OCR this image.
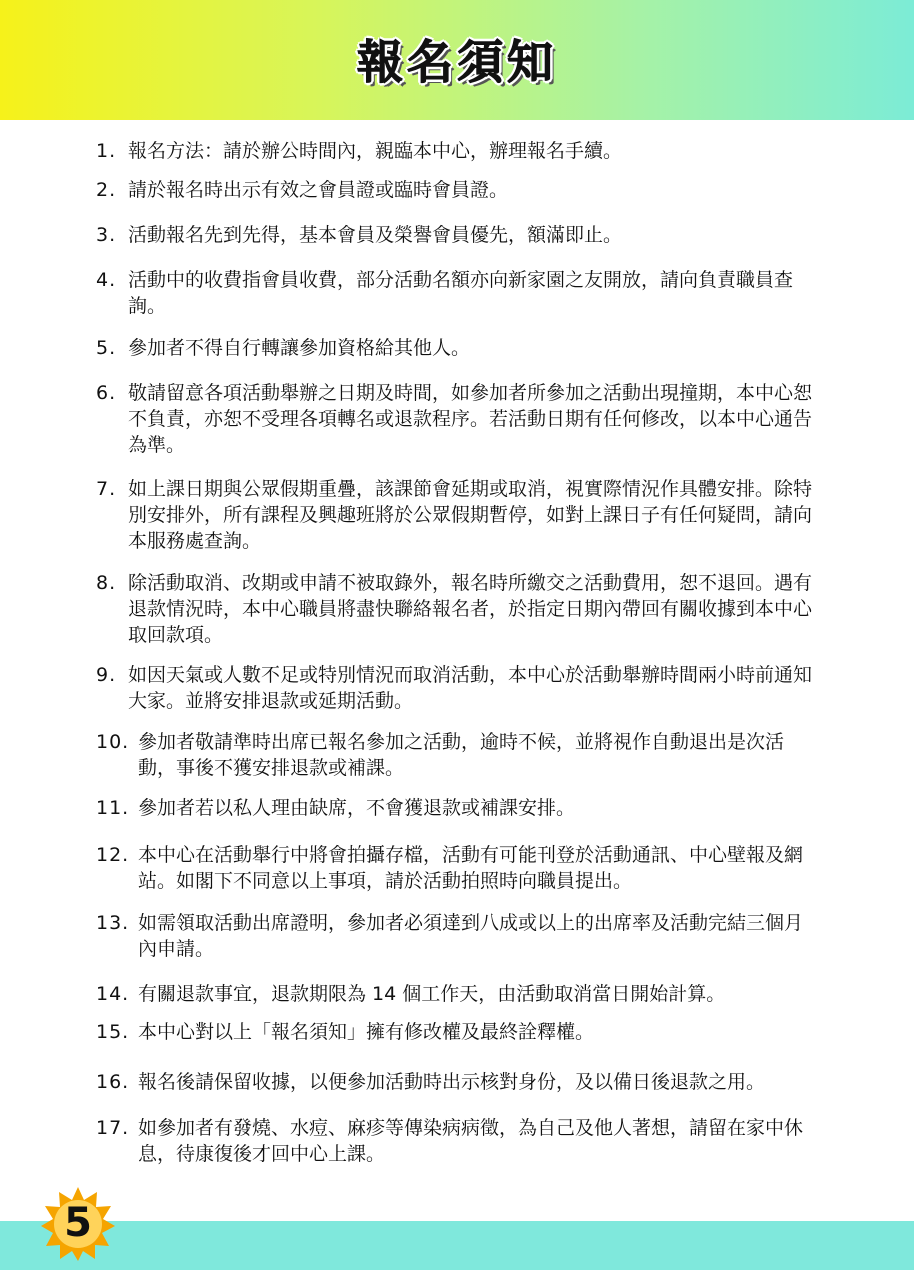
報名須知
1. 報名方法：請於辦公時間內，親臨本中心，辦理報名手續。
2. 請於報名時出示有效之會員證或臨時會員證。
3. 活動報名先到先得，基本會員及榮譽會員優先，額滿即止。
4. 活動中的收費指會員收費，部分活動名額亦向新家園之友開放，請向負責職員查詢。
5. 參加者不得自行轉讓參加資格給其他人。
6. 敬請留意各項活動舉辦之日期及時間，如參加者所參加之活動出現撞期，本中心恕不負責，亦恕不受理各項轉名或退款程序。若活動日期有任何修改，以本中心通告為準。
7. 如上課日期與公眾假期重疊，該課節會延期或取消，視實際情況作具體安排。除特別安排外，所有課程及興趣班將於公眾假期暫停，如對上課日子有任何疑問，請向本服務處查詢。
8. 除活動取消、改期或申請不被取錄外，報名時所繳交之活動費用，恕不退回。遇有退款情況時，本中心職員將盡快聯絡報名者，於指定日期內帶回有關收據到本中心取回款項。
9. 如因天氣或人數不足或特別情況而取消活動，本中心於活動舉辦時間兩小時前通知大家。並將安排退款或延期活動。
10. 參加者敬請準時出席已報名參加之活動，逾時不候，並將視作自動退出是次活動，事後不獲安排退款或補課。
11. 參加者若以私人理由缺席，不會獲退款或補課安排。
12. 本中心在活動舉行中將會拍攝存檔，活動有可能刊登於活動通訊、中心壁報及網站。如閣下不同意以上事項，請於活動拍照時向職員提出。
13. 如需領取活動出席證明，參加者必須達到八成或以上的出席率及活動完結三個月內申請。
14. 有關退款事宜，退款期限為 14 個工作天，由活動取消當日開始計算。
15. 本中心對以上「報名須知」擁有修改權及最終詮釋權。
16. 報名後請保留收據，以便參加活動時出示核對身份，及以備日後退款之用。
17. 如參加者有發燒、水痘、麻疹等傳染病病徵，為自己及他人著想，請留在家中休息，待康復後才回中心上課。
5
